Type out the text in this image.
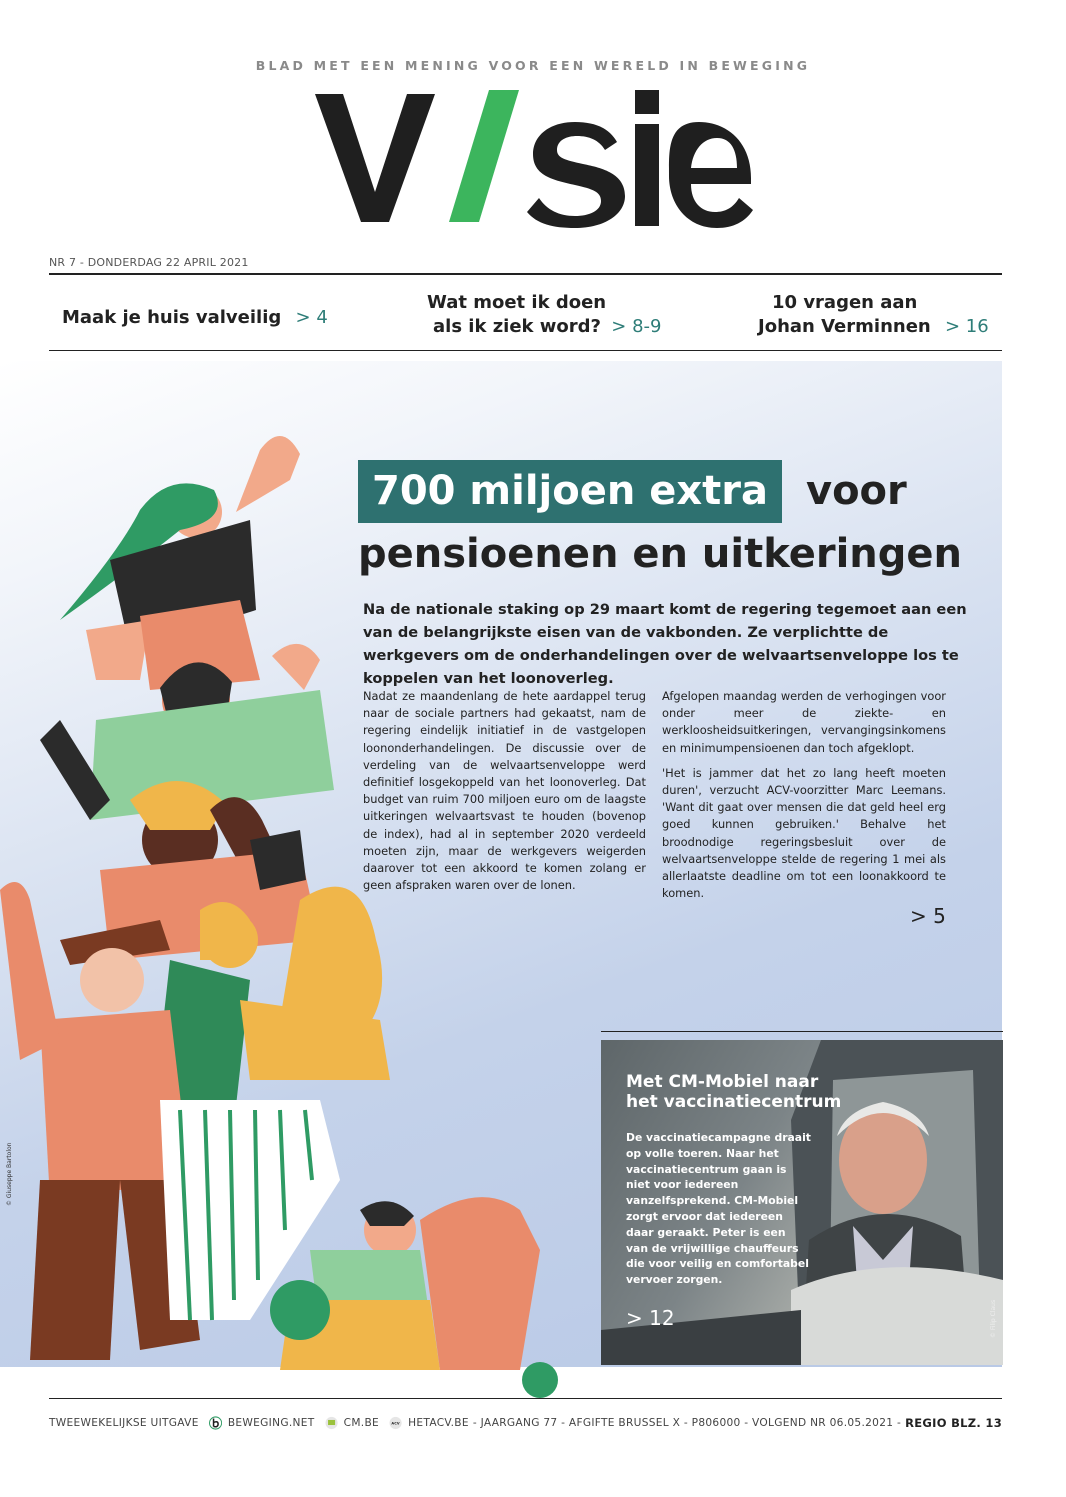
BLAD MET EEN MENING VOOR EEN WERELD IN BEWEGING
NR 7 - DONDERDAG 22 APRIL 2021
Maak je huis valveilig > 4
Wat moet ik doen
als ik ziek word? > 8-9
10 vragen aan
Johan Verminnen > 16
© Giuseppe Bartolon
700 miljoen extra voor
pensioenen en uitkeringen
Na de nationale staking op 29 maart komt de regering tegemoet aan een van de belangrijkste eisen van de vakbonden. Ze verplichtte de werkgevers om de onderhandelingen over de welvaartsenveloppe los te koppelen van het loonoverleg.

Nadat ze maandenlang de hete aardappel terug naar de sociale partners had gekaatst, nam de regering eindelijk initiatief in de vastgelopen loononderhandelingen. De discussie over de verdeling van de welvaartsenveloppe werd definitief losgekoppeld van het loonoverleg. Dat budget van ruim 700 miljoen euro om de laagste uitkeringen welvaartsvast te houden (bovenop de index), had al in september 2020 verdeeld moeten zijn, maar de werkgevers weigerden daarover tot een akkoord te komen zolang er geen afspraken waren over de lonen.

Afgelopen maandag werden de verhogingen voor onder meer de ziekte- en werkloosheidsuitkeringen, vervangingsinkomens en minimumpensioenen dan toch afgeklopt.

'Het is jammer dat het zo lang heeft moeten duren', verzucht ACV-voorzitter Marc Leemans. 'Want dit gaat over mensen die dat geld heel erg goed kunnen gebruiken.' Behalve het broodnodige regeringsbesluit over de welvaartsenveloppe stelde de regering 1 mei als allerlaatste deadline om tot een loonakkoord te komen.

> 5
Met CM-Mobiel naar
het vaccinatiecentrum
De vaccinatiecampagne draait op volle toeren. Naar het vaccinatiecentrum gaan is niet voor iedereen vanzelfsprekend. CM-Mobiel zorgt ervoor dat iedereen daar geraakt. Peter is een van de vrijwillige chauffeurs die voor veilig en comfortabel vervoer zorgen.
> 12	© Filip Claus
TWEEWEKELIJKSE UITGAVE	BEWEGING.NET	CM.BE ACV HETACV.BE - JAARGANG 77 - AFGIFTE BRUSSEL X - P806000 - VOLGEND NR 06.05.2021 - REGIO BLZ. 13
